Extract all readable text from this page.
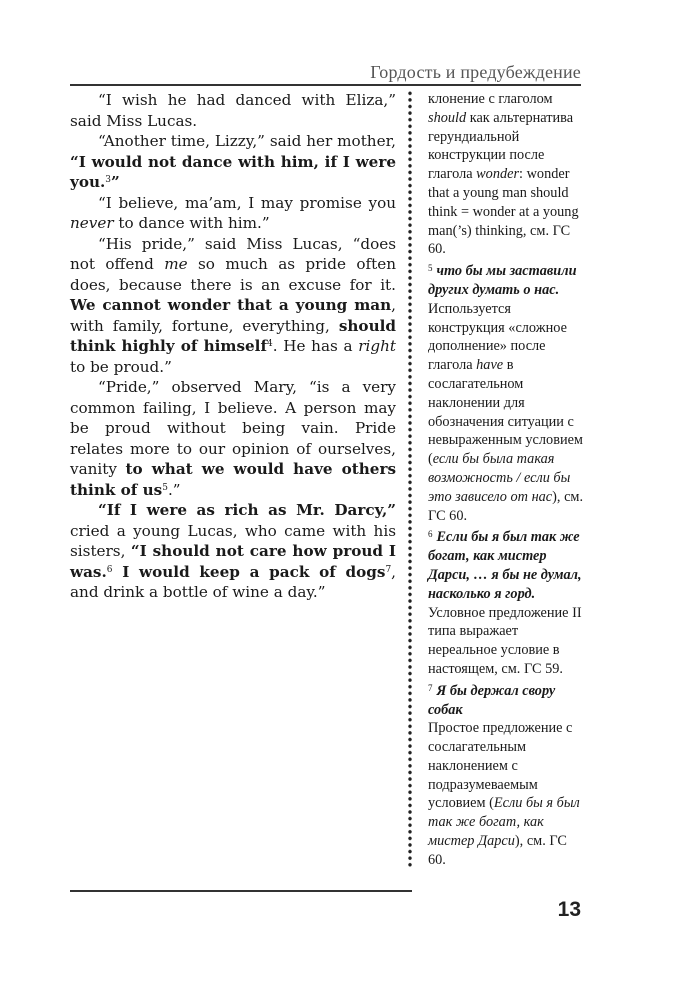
Гордость и предубеждение

“I wish he had danced with Eliza,” said Miss Lucas.

“Another time, Lizzy,” said her mother, “I would not dance with him, if I were you.$^3$”

“I believe, ma’am, I may promise you never to dance with him.”

“His pride,” said Miss Lucas, “does not offend me so much as pride often does, because there is an excuse for it. We cannot wonder that a young man, with family, fortune, everything, should think highly of himself$^4$. He has a right to be proud.”

“Pride,” observed Mary, “is a very common failing, I believe. A person may be proud without being vain. Pride relates more to our opinion of ourselves, vanity to what we would have others think of $us^5$.”

“If I were as rich as Mr. Darcy,” cried a young Lucas, who came with his sisters, “I should not care how proud I was.$^6$ I would keep a pack of dogs$^7$, and drink a bottle of wine a day.”

клонение с глаголом should как альтернатива герундиальной конструкции после глагола wonder: wonder that a young man should think = wonder at a young man(’s) thinking, см. ГС 60.

$^5$ что бы мы заставили других думать о нас.

Используется конструкция «сложное дополнение» после глагола have в сослагательном наклонении для обозначения ситуации с невыраженным условием (если бы была такая возможность / если бы это зависело от нас), см. ГС 60.

$^6$ Если бы я был так же богат, как мистер Дарси, … я бы не думал, насколько я горд.

Условное предложение II типа выражает нереальное условие в настоящем, см. ГС 59.

$^7$ Я бы держал свору собак

Простое предложение с сослагательным наклонением с подразумеваемым условием (Если бы я был так же богат, как мистер Дарси), см. ГС 60.

13
